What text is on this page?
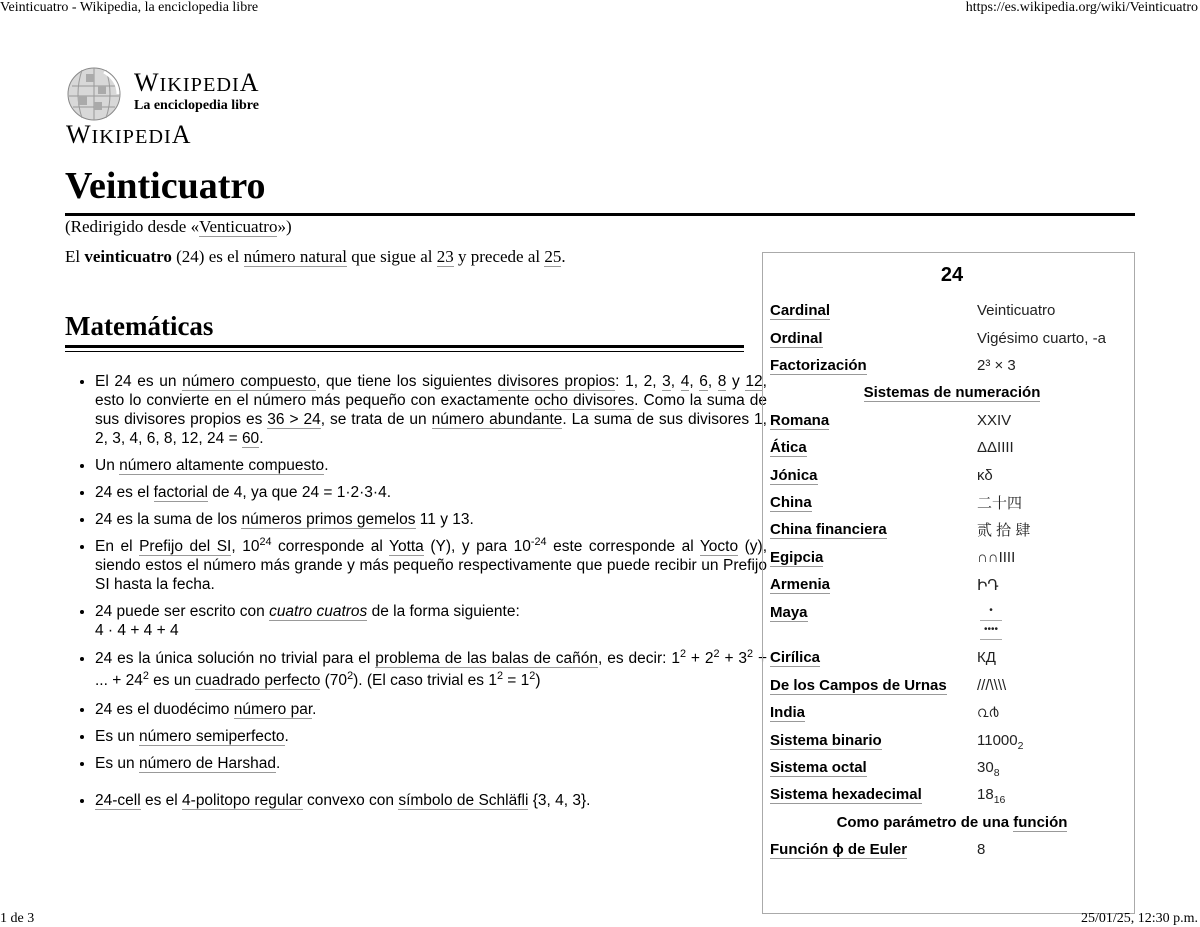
Veinticuatro - Wikipedia, la enciclopedia libre	https://es.wikipedia.org/wiki/Veinticuatro
WIKIPEDIA
La enciclopedia libre
WIKIPEDIA
Veinticuatro
(Redirigido desde «Venticuatro»)
El veinticuatro (24) es el número natural que sigue al 23 y precede al 25.
Matemáticas
• El 24 es un número compuesto, que tiene los siguientes divisores propios: 1, 2, 3, 4, 6, 8 y 12, esto lo convierte en el número más pequeño con exactamente ocho divisores. Como la suma de sus divisores propios es 36 > 24, se trata de un número abundante. La suma de sus divisores 1, 2, 3, 4, 6, 8, 12, 24 = 60.
• Un número altamente compuesto.
• 24 es el factorial de 4, ya que 24 = 1·2·3·4.
• 24 es la suma de los números primos gemelos 11 y 13.
• En el Prefijo del SI, $10^{24}$ corresponde al Yotta (Y), y para $10^{-24}$ este corresponde al Yocto (y), siendo estos el número más grande y más pequeño respectivamente que puede recibir un Prefijo SI hasta la fecha.
• 24 puede ser escrito con cuatro cuatros de la forma siguiente:
4 · 4 + 4 + 4
• 24 es la única solución no trivial para el problema de las balas de cañón, es decir: $1^2 + 2^2 + 3^2$ + ... + $24^2$ es un cuadrado perfecto $(70^2)$. (El caso trivial es $1^2 = 1^2$)
• 24 es el duodécimo número par.
• Es un número semiperfecto.
• Es un número de Harshad.
• 24-cell es el 4-politopo regular convexo con símbolo de Schläfli {3, 4, 3}.
24	
Cardinal	Veinticuatro
Ordinal	Vigésimo cuarto, -a
Factorización	2³ × 3
Sistemas de numeración	
Romana	XXIV
Ática	ΔΔIIII
Jónica	κδ
China	二十四
China financiera	贰 拾 肆
Egipcia	∩∩IIII
Armenia	ԻԴ
Maya	•
••••

Cirílica	КД
De los Campos de Urnas	///\\\\
India	൨൪
Sistema binario	$11000_2$
Sistema octal	$30_8$
Sistema hexadecimal	$18_{16}$
Como parámetro de una función	
Función ϕ de Euler	8
1 de 3	25/01/25, 12:30 p.m.
